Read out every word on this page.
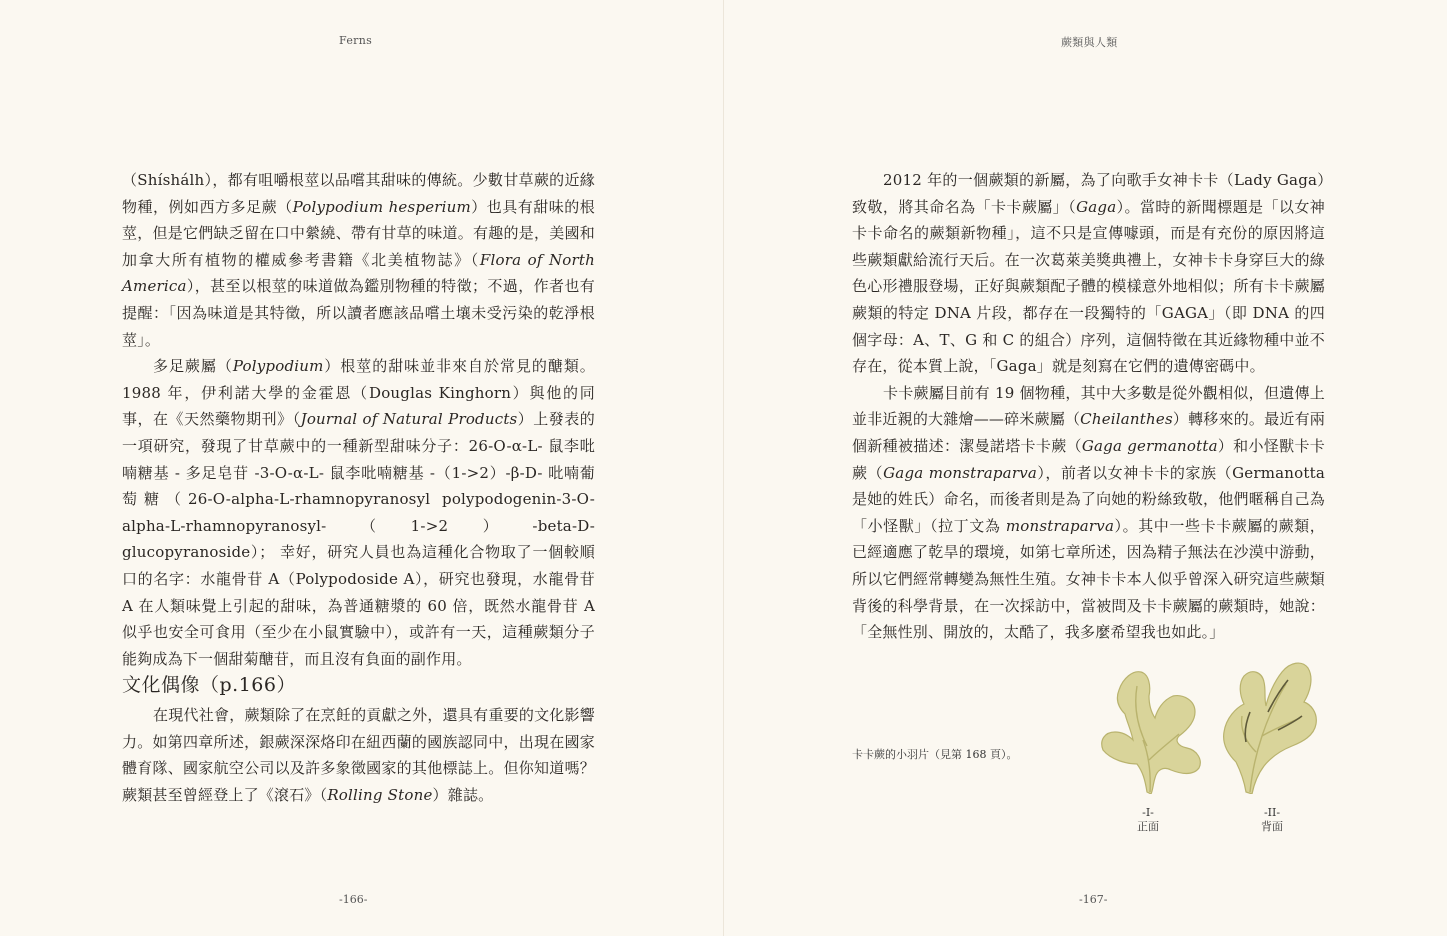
Ferns

（Shíshálh），都有咀嚼根莖以品嚐其甜味的傳統。少數甘草蕨的近緣物種，例如西方多足蕨（Polypodium hesperium）也具有甜味的根莖，但是它們缺乏留在口中縈繞、帶有甘草的味道。有趣的是，美國和加拿大所有植物的權威參考書籍《北美植物誌》（Flora of North America），甚至以根莖的味道做為鑑別物種的特徵；不過，作者也有提醒：「因為味道是其特徵，所以讀者應該品嚐土壤未受污染的乾淨根莖」。

多足蕨屬（Polypodium）根莖的甜味並非來自於常見的醣類。1988 年，伊利諾大學的金霍恩（Douglas Kinghorn）與他的同事，在《天然藥物期刊》（Journal of Natural Products）上發表的一項研究，發現了甘草蕨中的一種新型甜味分子：26-O-α-L- 鼠李吡喃糖基 - 多足皂苷 -3-O-α-L- 鼠李吡喃糖基 -（1->2）-β-D- 吡喃葡萄糖（26-O-alpha-L-rhamnopyranosyl polypodogenin-3-O-alpha-L-rhamnopyranosyl-（1->2）-beta-D-glucopyranoside）； 幸好，研究人員也為這種化合物取了一個較順口的名字：水龍骨苷 A（Polypodoside A），研究也發現，水龍骨苷 A 在人類味覺上引起的甜味，為普通糖漿的 60 倍，既然水龍骨苷 A 似乎也安全可食用（至少在小鼠實驗中），或許有一天，這種蕨類分子能夠成為下一個甜菊醣苷，而且沒有負面的副作用。

文化偶像（p.166）

在現代社會，蕨類除了在烹飪的貢獻之外，還具有重要的文化影響力。如第四章所述，銀蕨深深烙印在紐西蘭的國族認同中，出現在國家體育隊、國家航空公司以及許多象徵國家的其他標誌上。但你知道嗎？蕨類甚至曾經登上了《滾石》（Rolling Stone）雜誌。

-166-
蕨類與人類

2012 年的一個蕨類的新屬，為了向歌手女神卡卡（Lady Gaga）致敬，將其命名為「卡卡蕨屬」（Gaga）。當時的新聞標題是「以女神卡卡命名的蕨類新物種」，這不只是宣傳噱頭，而是有充份的原因將這些蕨類獻給流行天后。在一次葛萊美獎典禮上，女神卡卡身穿巨大的綠色心形禮服登場，正好與蕨類配子體的模樣意外地相似；所有卡卡蕨屬蕨類的特定 DNA 片段，都存在一段獨特的「GAGA」（即 DNA 的四個字母：A、T、G 和 C 的組合）序列，這個特徵在其近緣物種中並不存在，從本質上說，「Gaga」就是刻寫在它們的遺傳密碼中。

卡卡蕨屬目前有 19 個物種，其中大多數是從外觀相似，但遺傳上並非近親的大雜燴——碎米蕨屬（Cheilanthes）轉移來的。最近有兩個新種被描述：潔曼諾塔卡卡蕨（Gaga germanotta）和小怪獸卡卡蕨（Gaga monstraparva），前者以女神卡卡的家族（Germanotta 是她的姓氏）命名，而後者則是為了向她的粉絲致敬，他們暱稱自己為「小怪獸」（拉丁文為 monstraparva）。其中一些卡卡蕨屬的蕨類，已經適應了乾旱的環境，如第七章所述，因為精子無法在沙漠中游動，所以它們經常轉變為無性生殖。女神卡卡本人似乎曾深入研究這些蕨類背後的科學背景，在一次採訪中，當被問及卡卡蕨屬的蕨類時，她說：「全無性別、開放的，太酷了，我多麼希望我也如此。」

卡卡蕨的小羽片（見第 168 頁）。
-I-
正面
-II-
背面
-167-
